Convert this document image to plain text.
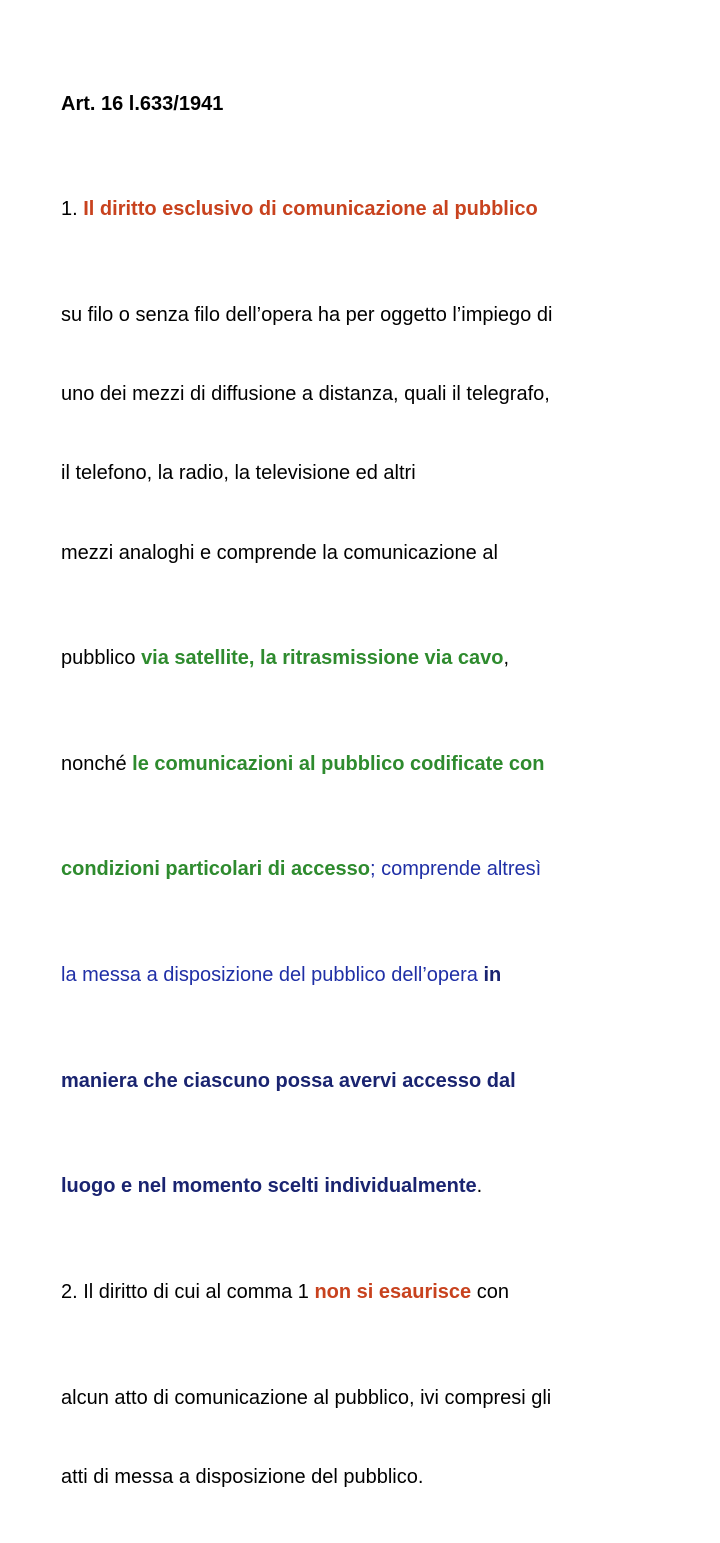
Art. 16 l.633/1941

1. Il diritto esclusivo di comunicazione al pubblico

su filo o senza filo dell’opera ha per oggetto l’impiego di

uno dei mezzi di diffusione a distanza, quali il telegrafo,

il telefono, la radio, la televisione ed altri

mezzi analoghi e comprende la comunicazione al

pubblico via satellite, la ritrasmissione via cavo,

nonché le comunicazioni al pubblico codificate con

condizioni particolari di accesso; comprende altresì

la messa a disposizione del pubblico dell’opera in

maniera che ciascuno possa avervi accesso dal

luogo e nel momento scelti individualmente.

2. Il diritto di cui al comma 1 non si esaurisce con

alcun atto di comunicazione al pubblico, ivi compresi gli

atti di messa a disposizione del pubblico.
